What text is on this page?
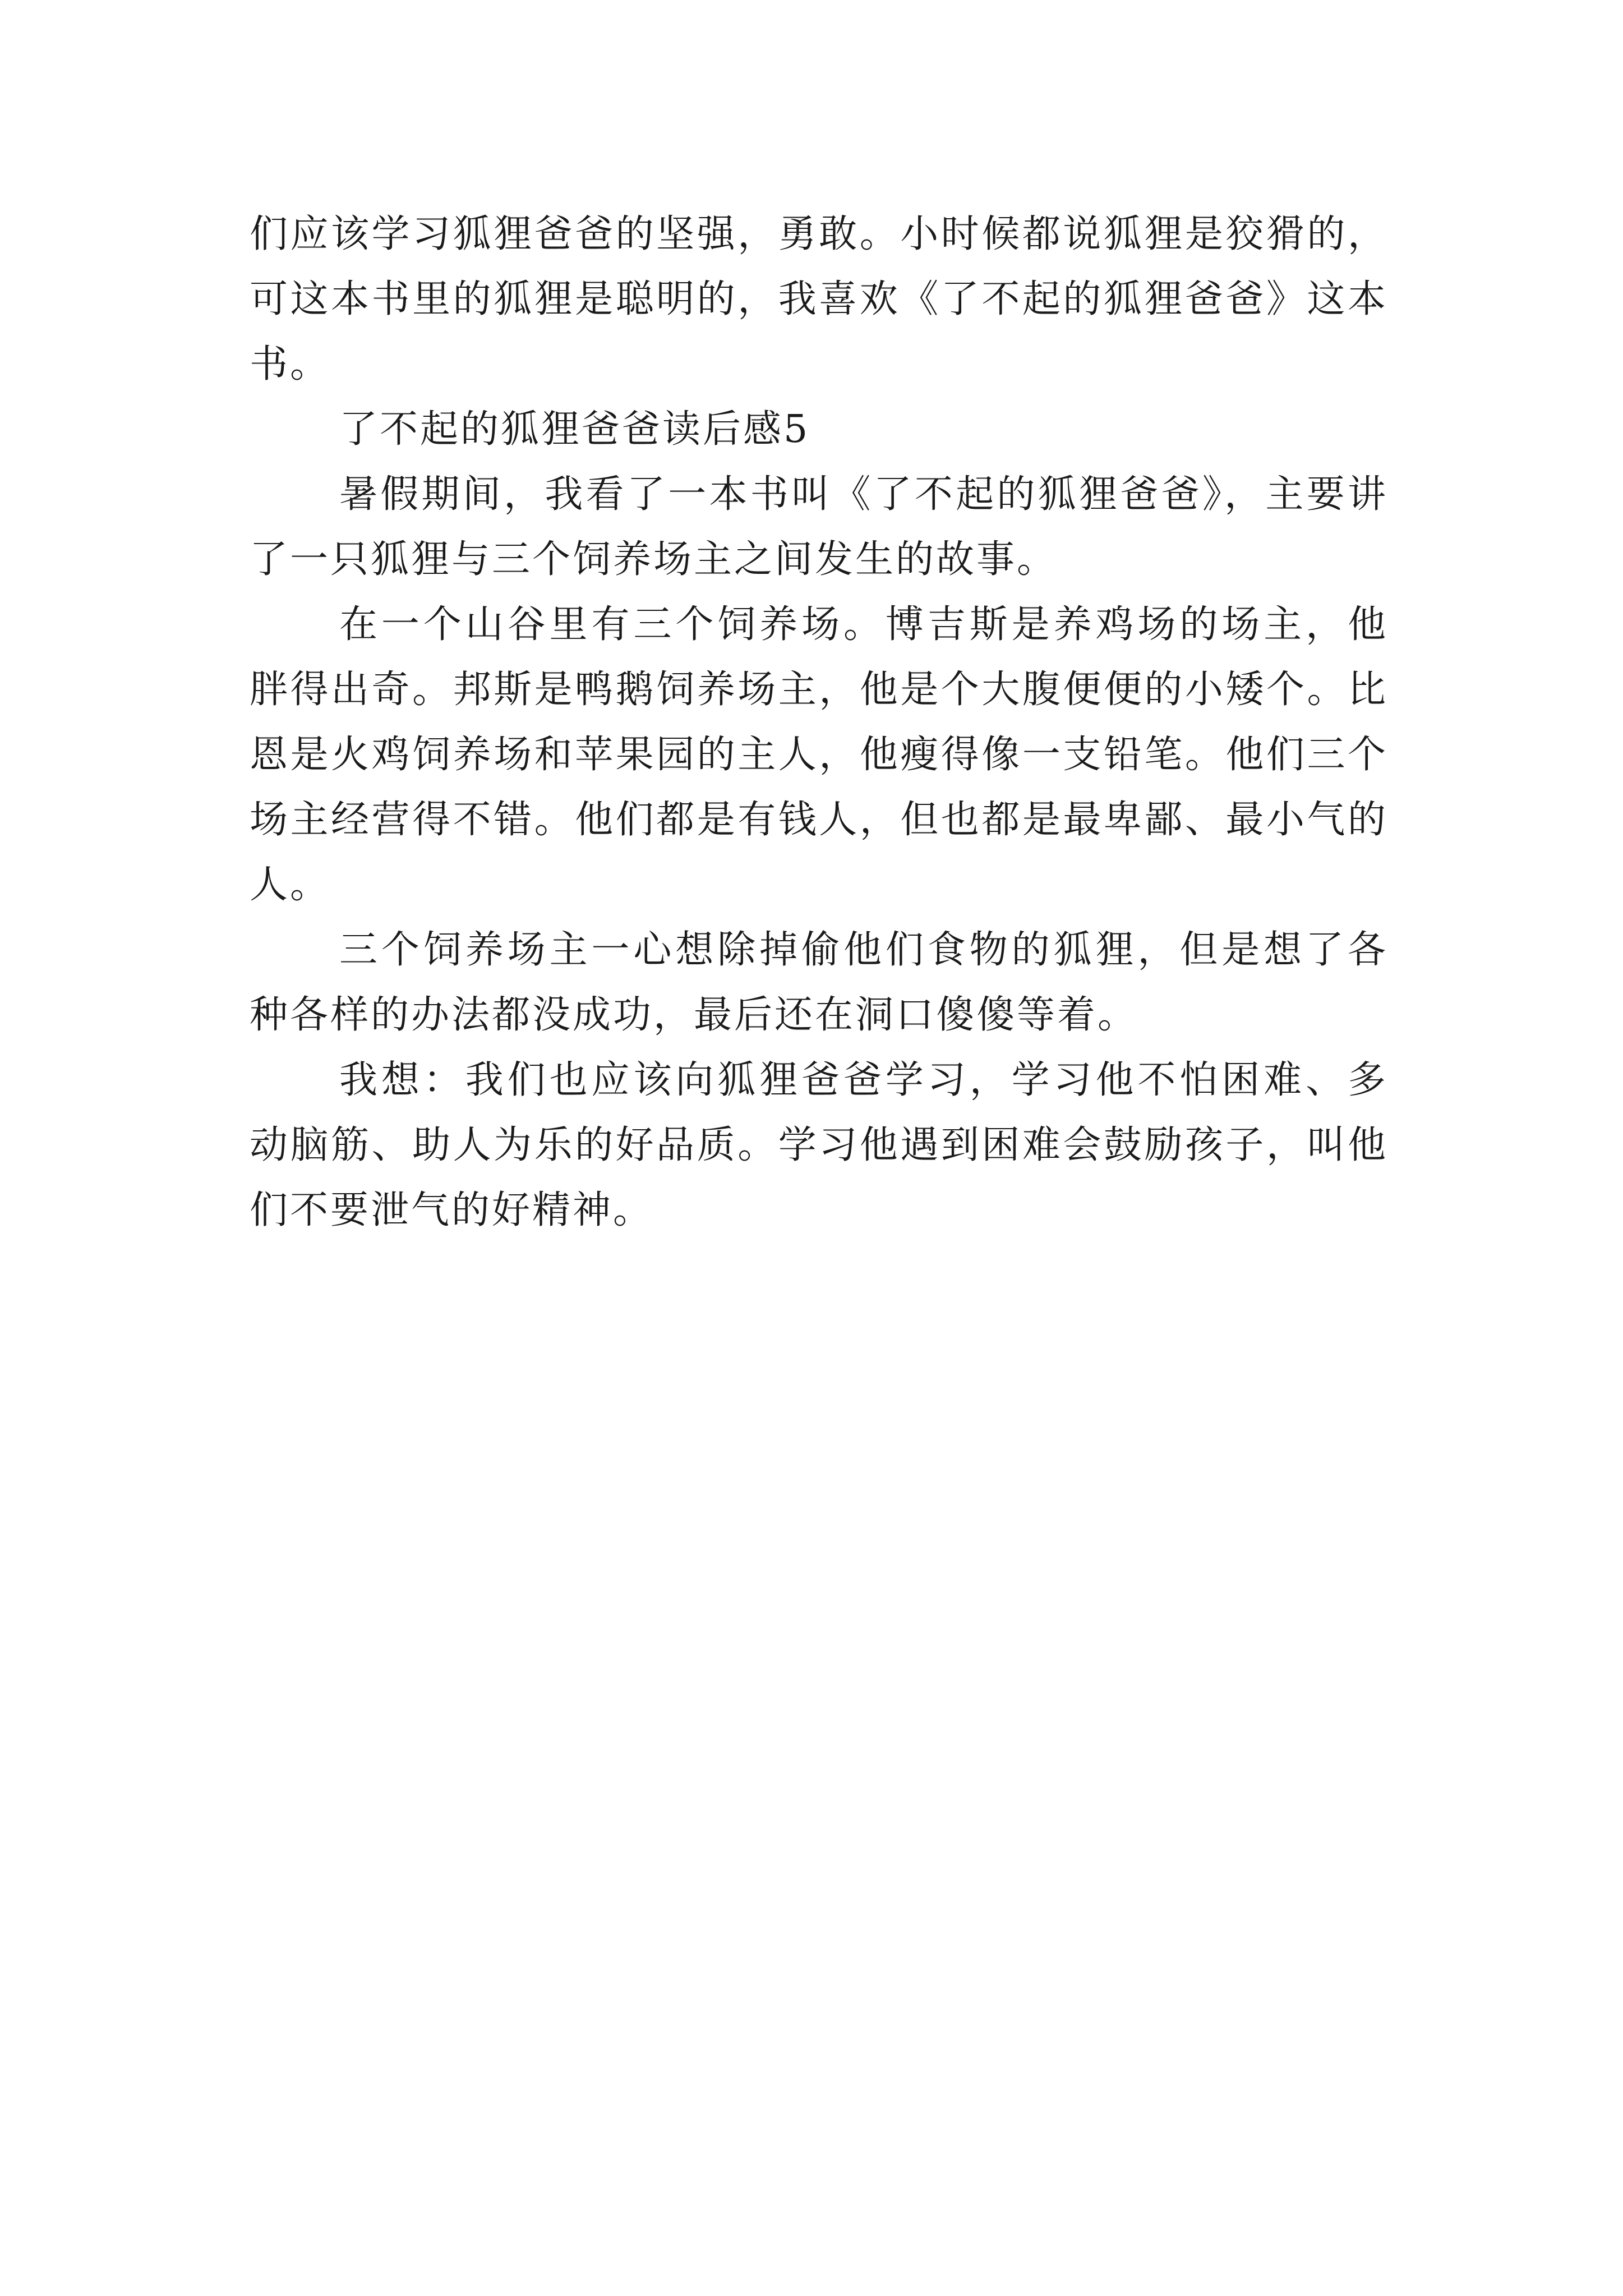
们应该学习狐狸爸爸的坚强，勇敢。小时候都说狐狸是狡猾的，可这本书里的狐狸是聪明的，我喜欢《了不起的狐狸爸爸》这本书。

了不起的狐狸爸爸读后感5

暑假期间，我看了一本书叫《了不起的狐狸爸爸》，主要讲了一只狐狸与三个饲养场主之间发生的故事。

在一个山谷里有三个饲养场。博吉斯是养鸡场的场主，他胖得出奇。邦斯是鸭鹅饲养场主，他是个大腹便便的小矮个。比恩是火鸡饲养场和苹果园的主人，他瘦得像一支铅笔。他们三个场主经营得不错。他们都是有钱人，但也都是最卑鄙、最小气的人。

三个饲养场主一心想除掉偷他们食物的狐狸，但是想了各种各样的办法都没成功，最后还在洞口傻傻等着。

我想：我们也应该向狐狸爸爸学习，学习他不怕困难、多动脑筋、助人为乐的好品质。学习他遇到困难会鼓励孩子，叫他们不要泄气的好精神。
